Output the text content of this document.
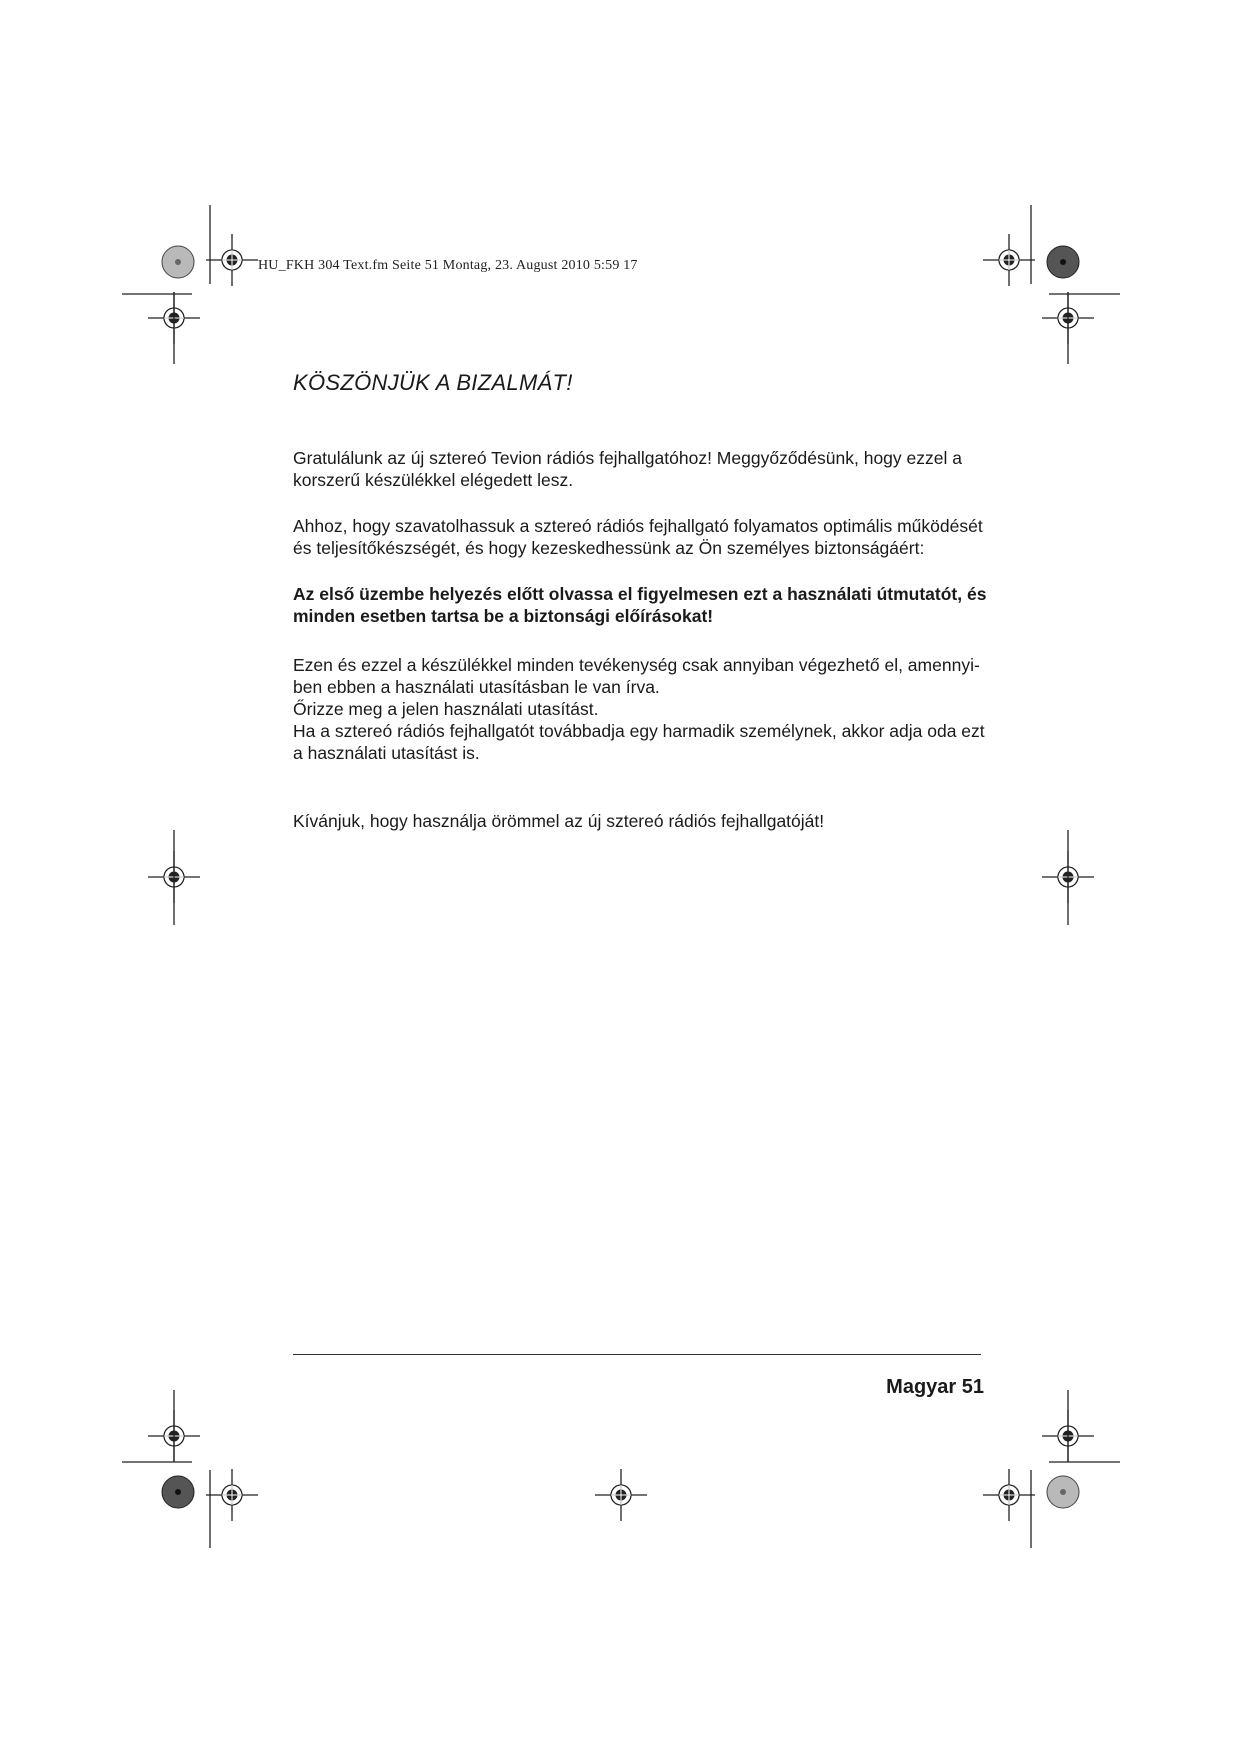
HU_FKH 304 Text.fm Seite 51 Montag, 23. August 2010 5:59 17
KÖSZÖNJÜK A BIZALMÁT!

Gratulálunk az új sztereó Tevion rádiós fejhallgatóhoz! Meggyőződésünk, hogy ezzel a
korszerű készülékkel elégedett lesz.

Ahhoz, hogy szavatolhassuk a sztereó rádiós fejhallgató folyamatos optimális működését
és teljesítőkészségét, és hogy kezeskedhessünk az Ön személyes biztonságáért:

Az első üzembe helyezés előtt olvassa el figyelmesen ezt a használati útmutatót, és
minden esetben tartsa be a biztonsági előírásokat!

Ezen és ezzel a készülékkel minden tevékenység csak annyiban végezhető el, amennyi-
ben ebben a használati utasításban le van írva.
Őrizze meg a jelen használati utasítást.
Ha a sztereó rádiós fejhallgatót továbbadja egy harmadik személynek, akkor adja oda ezt
a használati utasítást is.

Kívánjuk, hogy használja örömmel az új sztereó rádiós fejhallgatóját!

Magyar 51
